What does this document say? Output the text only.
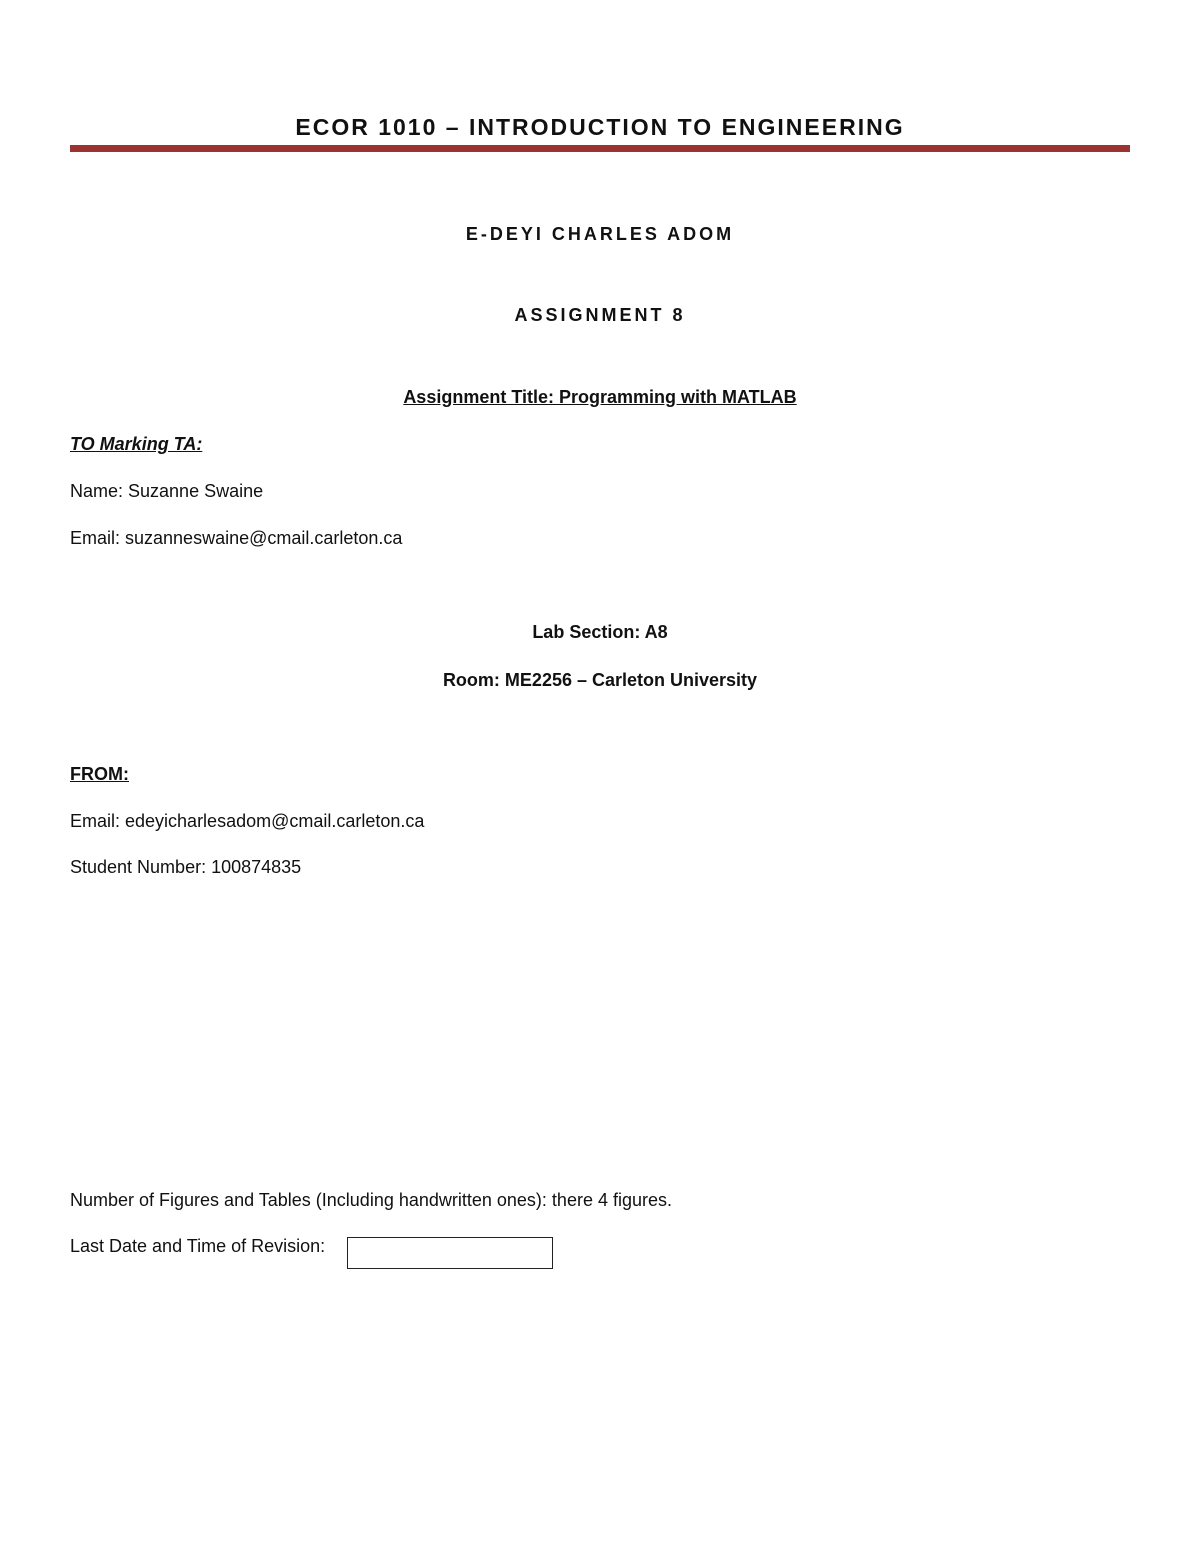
ECOR 1010 – INTRODUCTION TO ENGINEERING
E-DEYI CHARLES ADOM
ASSIGNMENT 8
Assignment Title: Programming with MATLAB
TO Marking TA:
Name: Suzanne Swaine
Email: suzanneswaine@cmail.carleton.ca
Lab Section: A8
Room: ME2256 – Carleton University
FROM:
Email: edeyicharlesadom@cmail.carleton.ca
Student Number: 100874835
Number of Figures and Tables (Including handwritten ones): there 4 figures.
Last Date and Time of Revision:
